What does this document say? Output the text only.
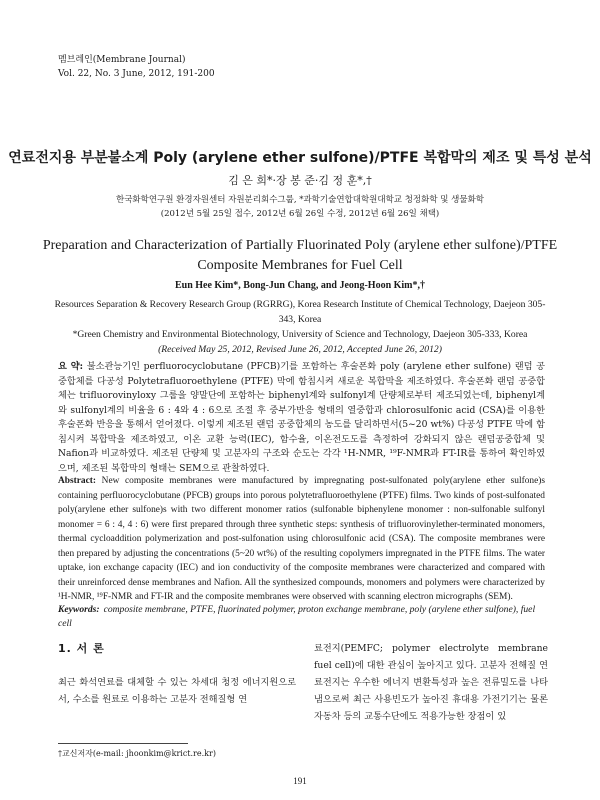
멤브레인(Membrane Journal)
Vol. 22, No. 3 June, 2012, 191-200
연료전지용 부분불소계 Poly (arylene ether sulfone)/PTFE 복합막의 제조 및 특성 분석
김 은 희*·장 봉 준·김 정 훈*,†
한국화학연구원 환경자원센터 자원분리회수그룹, *과학기술연합대학원대학교 청정화학 및 생물화학
(2012년 5월 25일 접수, 2012년 6월 26일 수정, 2012년 6월 26일 채택)
Preparation and Characterization of Partially Fluorinated Poly (arylene ether sulfone)/PTFE Composite Membranes for Fuel Cell
Eun Hee Kim*, Bong-Jun Chang, and Jeong-Hoon Kim*,†
Resources Separation & Recovery Research Group (RGRRG), Korea Research Institute of Chemical Technology, Daejeon 305-343, Korea
*Green Chemistry and Environmental Biotechnology, University of Science and Technology, Daejeon 305-333, Korea
(Received May 25, 2012, Revised June 26, 2012, Accepted June 26, 2012)
요 약: 불소관능기인 perfluorocyclobutane (PFCB)기를 포함하는 후술폰화 poly (arylene ether sulfone) 랜덤 공중합체를 다공성 Polytetrafluoroethylene (PTFE) 막에 함침시켜 새로운 복합막을 제조하였다. 후술폰화 랜덤 공중합체는 trifluorovinyloxy 그룹을 양말단에 포함하는 biphenyl계와 sulfonyl계 단량체로부터 제조되었는데, biphenyl계와 sulfonyl계의 비율을 6 : 4와 4 : 6으로 조절 후 중부가반응 형태의 열중합과 chlorosulfonic acid (CSA)를 이용한 후술폰화 반응을 통해서 얻어졌다. 이렇게 제조된 랜덤 공중합체의 농도를 달리하면서(5~20 wt%) 다공성 PTFE 막에 함침시켜 복합막을 제조하였고, 이온 교환 능력(IEC), 함수율, 이온전도도를 측정하여 강화되지 않은 랜덤공중합체 및 Nafion과 비교하였다. 제조된 단량체 및 고분자의 구조와 순도는 각각 ¹H-NMR, ¹⁹F-NMR과 FT-IR를 통하여 확인하였으며, 제조된 복합막의 형태는 SEM으로 관찰하였다.
Abstract: New composite membranes were manufactured by impregnating post-sulfonated poly(arylene ether sulfone)s containing perfluorocyclobutane (PFCB) groups into porous polytetrafluoroethylene (PTFE) films. Two kinds of post-sulfonated poly(arylene ether sulfone)s with two different monomer ratios (sulfonable biphenylene monomer : non-sulfonable sulfonyl monomer = 6 : 4, 4 : 6) were first prepared through three synthetic steps: synthesis of trifluorovinylether-terminated monomers, thermal cycloaddition polymerization and post-sulfonation using chlorosulfonic acid (CSA). The composite membranes were then prepared by adjusting the concentrations (5~20 wt%) of the resulting copolymers impregnated in the PTFE films. The water uptake, ion exchange capacity (IEC) and ion conductivity of the composite membranes were characterized and compared with their unreinforced dense membranes and Nafion. All the synthesized compounds, monomers and polymers were characterized by ¹H-NMR, ¹⁹F-NMR and FT-IR and the composite membranes were observed with scanning electron micrographs (SEM).
Keywords: composite membrane, PTFE, fluorinated polymer, proton exchange membrane, poly (arylene ether sulfone), fuel cell
1. 서 론
최근 화석연료를 대체할 수 있는 차세대 청정 에너지원으로서, 수소를 원료로 이용하는 고분자 전해질형 연
료전지(PEMFC; polymer electrolyte membrane fuel cell)에 대한 관심이 높아지고 있다. 고분자 전해질 연료전지는 우수한 에너지 변환특성과 높은 전류밀도를 나타냄으로써 최근 사용빈도가 높아진 휴대용 가전기기는 물론 자동차 등의 교통수단에도 적용가능한 장점이 있
†교신저자(e-mail: jhoonkim@krict.re.kr)
191
